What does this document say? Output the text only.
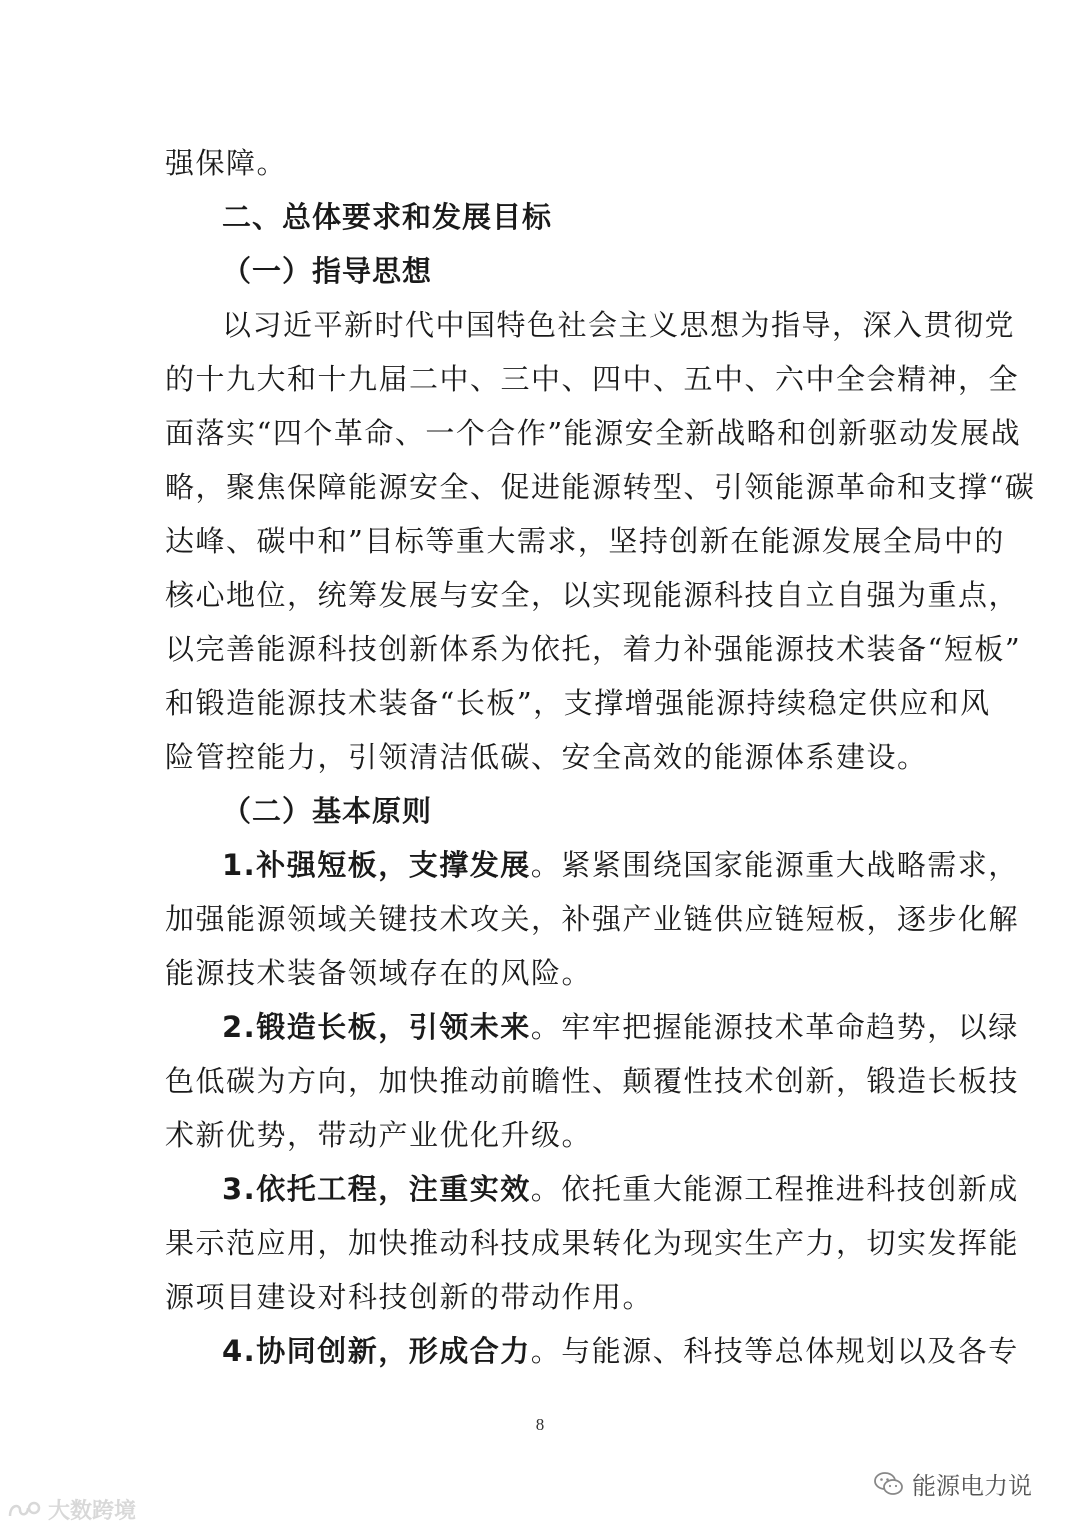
强保障。
二、总体要求和发展目标
（一）指导思想
以习近平新时代中国特色社会主义思想为指导，深入贯彻党
的十九大和十九届二中、三中、四中、五中、六中全会精神，全
面落实“四个革命、一个合作”能源安全新战略和创新驱动发展战
略，聚焦保障能源安全、促进能源转型、引领能源革命和支撑“碳
达峰、碳中和”目标等重大需求，坚持创新在能源发展全局中的
核心地位，统筹发展与安全，以实现能源科技自立自强为重点，
以完善能源科技创新体系为依托，着力补强能源技术装备“短板”
和锻造能源技术装备“长板”，支撑增强能源持续稳定供应和风
险管控能力，引领清洁低碳、安全高效的能源体系建设。
（二）基本原则
1.补强短板，支撑发展。紧紧围绕国家能源重大战略需求，
加强能源领域关键技术攻关，补强产业链供应链短板，逐步化解
能源技术装备领域存在的风险。
2.锻造长板，引领未来。牢牢把握能源技术革命趋势，以绿
色低碳为方向，加快推动前瞻性、颠覆性技术创新，锻造长板技
术新优势，带动产业优化升级。
3.依托工程，注重实效。依托重大能源工程推进科技创新成
果示范应用，加快推动科技成果转化为现实生产力，切实发挥能
源项目建设对科技创新的带动作用。
4.协同创新，形成合力。与能源、科技等总体规划以及各专
8
能源电力说
大数跨境
